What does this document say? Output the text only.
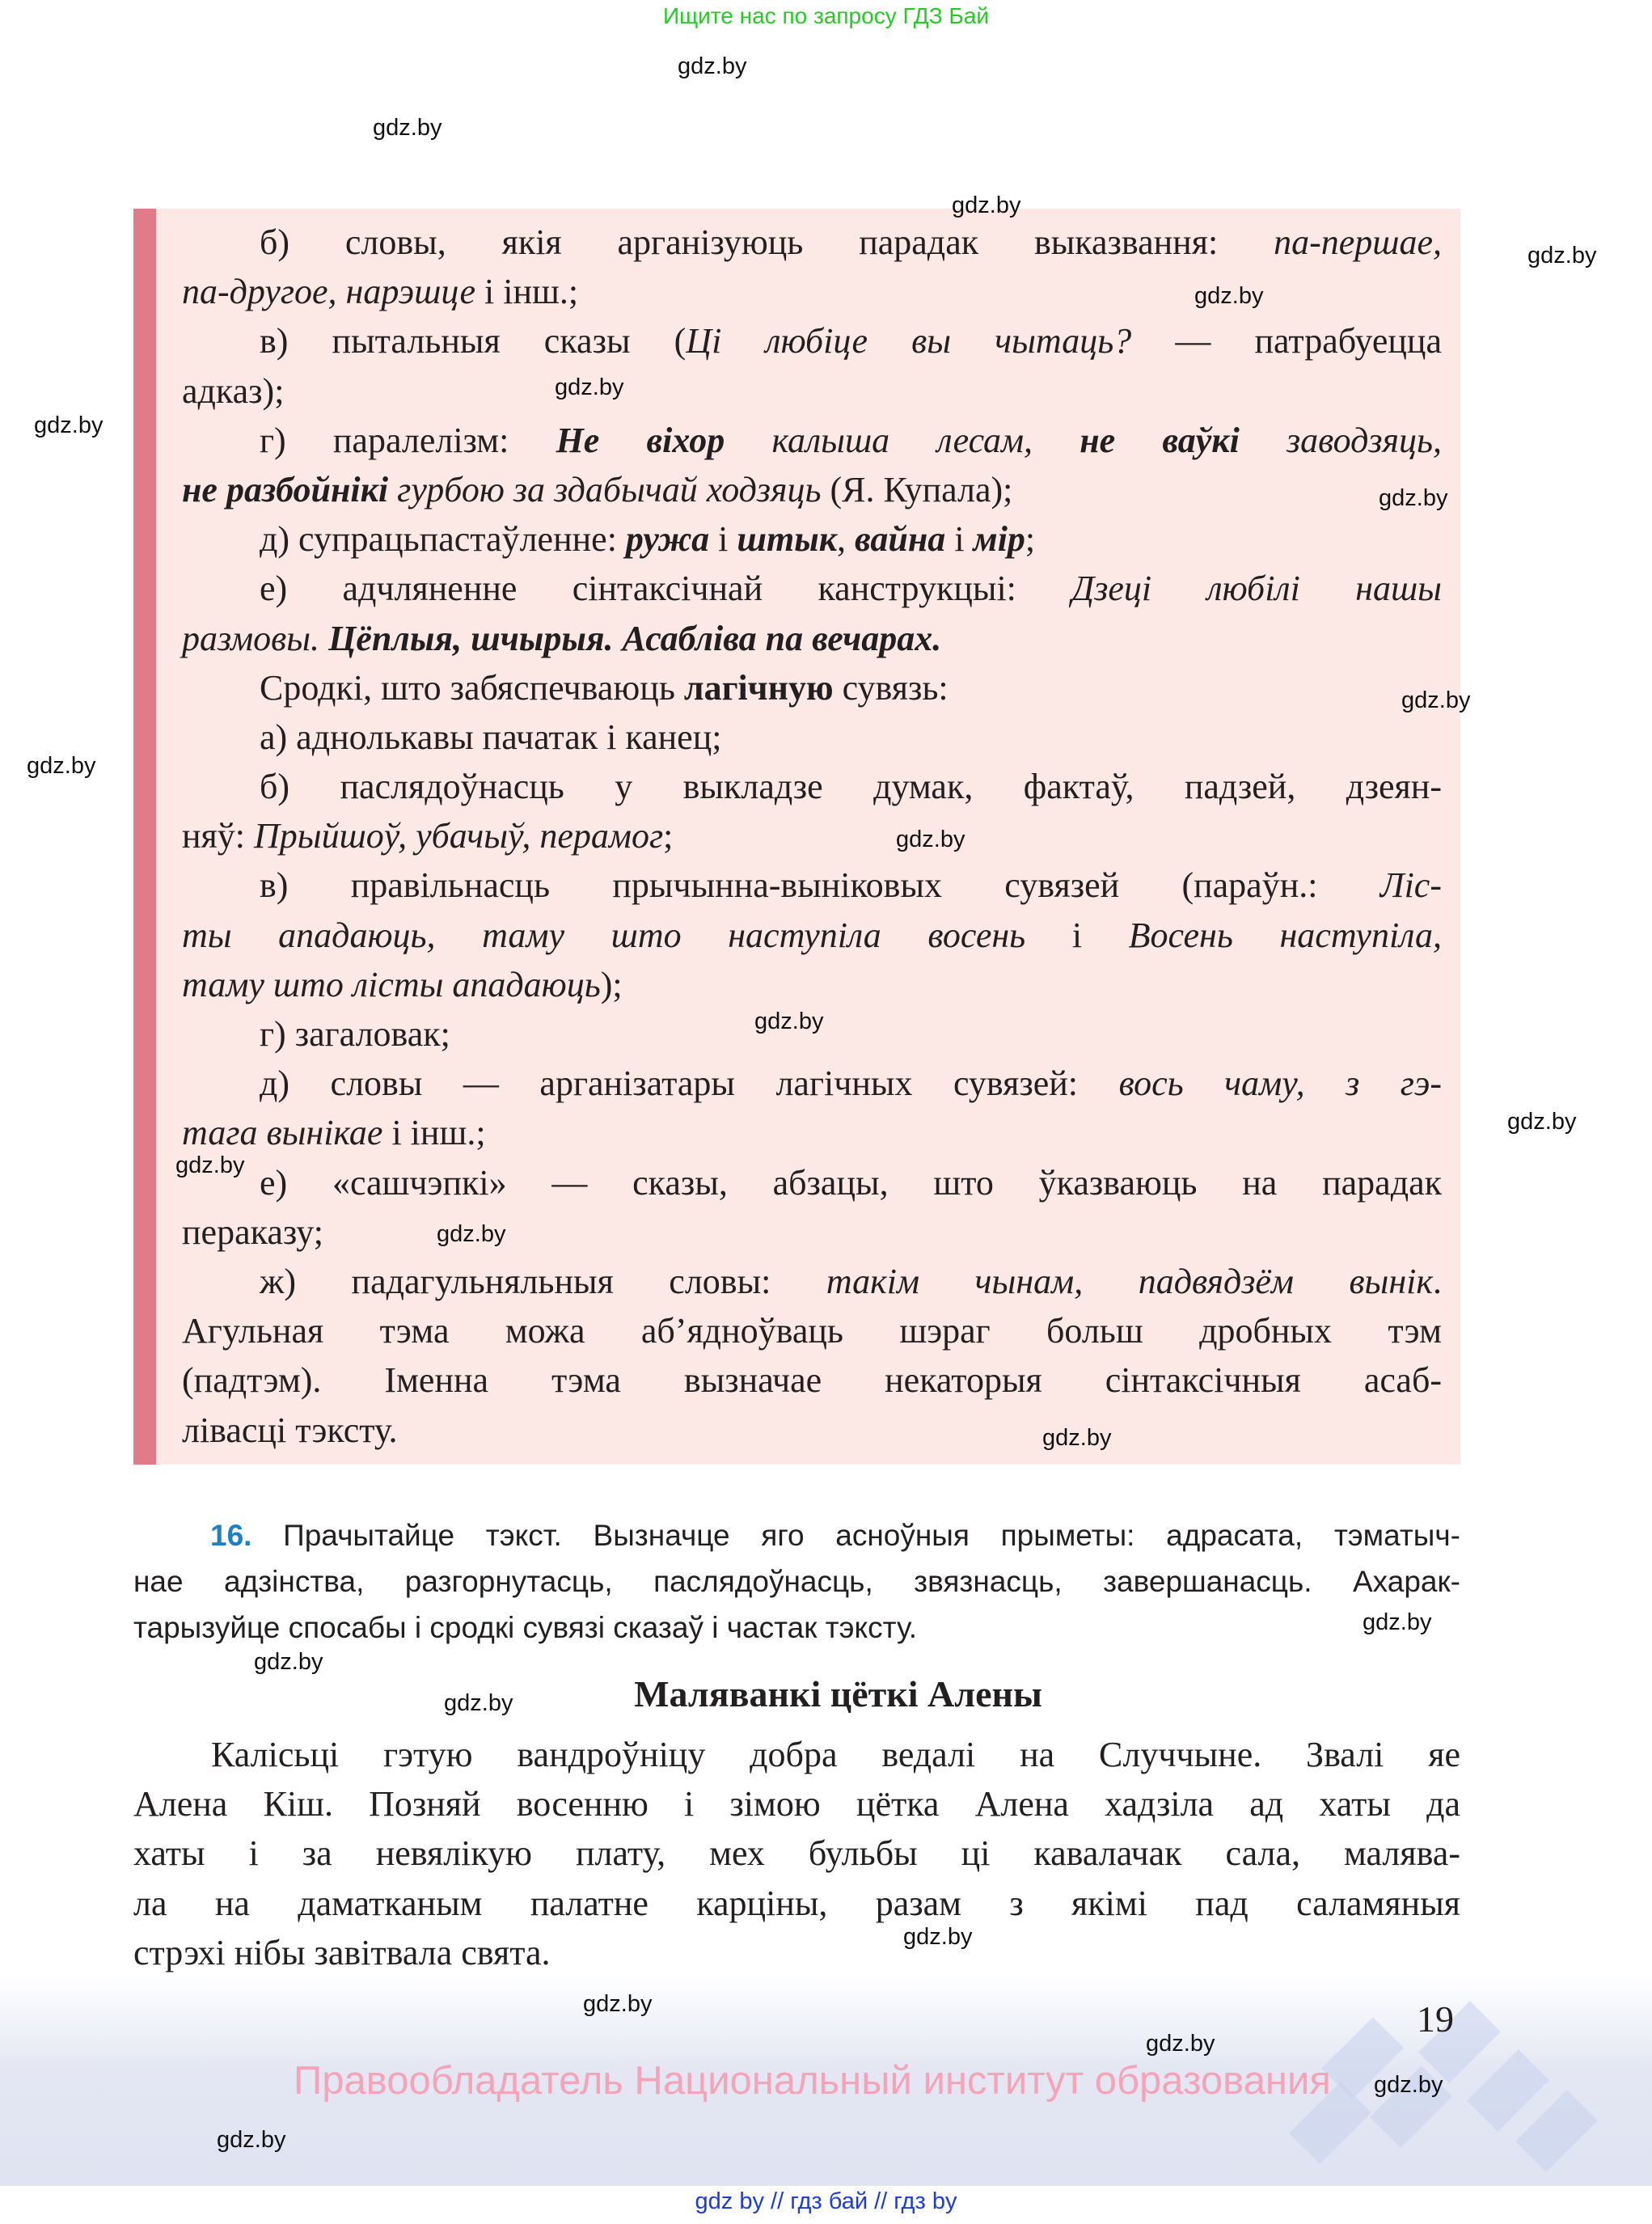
Ищите нас по запросу ГДЗ Бай
б) словы, якія арганізуюць парадак выказвання: па-першае,
па-другое, нарэшце і інш.;
в) пытальныя сказы (Ці любіце вы чытаць? — патрабуецца
адказ);
г) паралелізм: Не віхор калыша лесам, не ваўкі заводзяць,
не разбойнікі гурбою за здабычай ходзяць (Я. Купала);
д) супрацьпастаўленне: ружа і штык, вайна і мір;
е) адчляненне сінтаксічнай канструкцыі: Дзеці любілі нашы
размовы. Цёплыя, шчырыя. Асабліва па вечарах.
Сродкі, што забяспечваюць лагічную сувязь:
а) аднолькавы пачатак і канец;
б) паслядоўнасць у выкладзе думак, фактаў, падзей, дзеян-
няў: Прыйшоў, убачыў, перамог;
в) правільнасць прычынна-выніковых сувязей (параўн.: Ліс-
ты ападаюць, таму што наступіла восень і Восень наступіла,
таму што лісты ападаюць);
г) загаловак;
д) словы — арганізатары лагічных сувязей: вось чаму, з гэ-
тага вынікае і інш.;
е) «сашчэпкі» — сказы, абзацы, што ўказваюць на парадак
пераказу;
ж) падагульняльныя словы: такім чынам, падвядзём вынік.
Агульная тэма можа аб’ядноўваць шэраг больш дробных тэм
(падтэм). Іменна тэма вызначае некаторыя сінтаксічныя асаб-
лівасці тэксту.
16. Прачытайце тэкст. Вызначце яго асноўныя прыметы: адрасата, тэматыч-
нае адзінства, разгорнутасць, паслядоўнасць, звязнасць, завершанасць. Ахарак-
тарызуйце спосабы і сродкі сувязі сказаў і частак тэксту.
Маляванкі цёткі Алены
Калісьці гэтую вандроўніцу добра ведалі на Случчыне. Звалі яе
Алена Кіш. Позняй восенню і зімою цётка Алена хадзіла ад хаты да
хаты і за невялікую плату, мех бульбы ці кавалачак сала, малява-
ла на даматканым палатне карціны, разам з якімі пад саламяныя
стрэхі нібы завітвала свята.
19
Правообладатель Национальный институт образования
gdz by // гдз бай // гдз by
gdz.by
gdz.by
gdz.by
gdz.by
gdz.by
gdz.by
gdz.by
gdz.by
gdz.by
gdz.by
gdz.by
gdz.by
gdz.by
gdz.by
gdz.by
gdz.by
gdz.by
gdz.by
gdz.by
gdz.by
gdz.by
gdz.by
gdz.by
gdz.by
